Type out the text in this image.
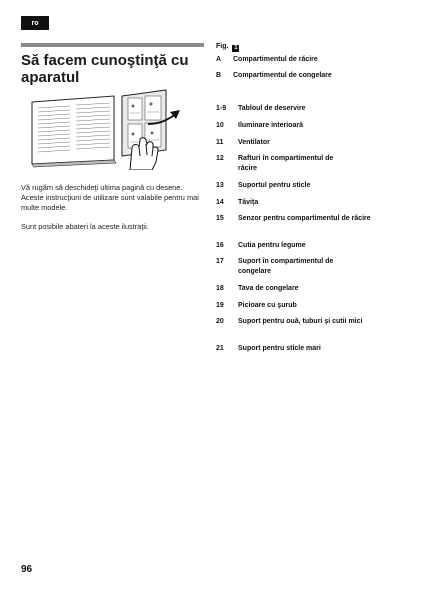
ro
Să facem cunoştinţă cu aparatul

Vă rugăm să deschideţi ultima pagină cu desene. Aceste instrucţiuni de utilizare sunt valabile pentru mai multe modele.

Sunt posibile abateri la aceste ilustraţii.

Fig. 1
A Compartimentul de răcire
B Compartimentul de congelare
1-9	Tabloul de deservire
10	Iluminare interioară
11	Ventilator
12	Rafturi în compartimentul de răcire
13	Suportul pentru sticle
14	Tăviţa
15	Senzor pentru compartimentul de răcire
16	Cutia pentru legume
17	Suport în compartimentul de congelare
18	Tava de congelare
19	Picioare cu şurub
20	Suport pentru ouă, tuburi şi cutii mici
21	Suport pentru sticle mari
96
